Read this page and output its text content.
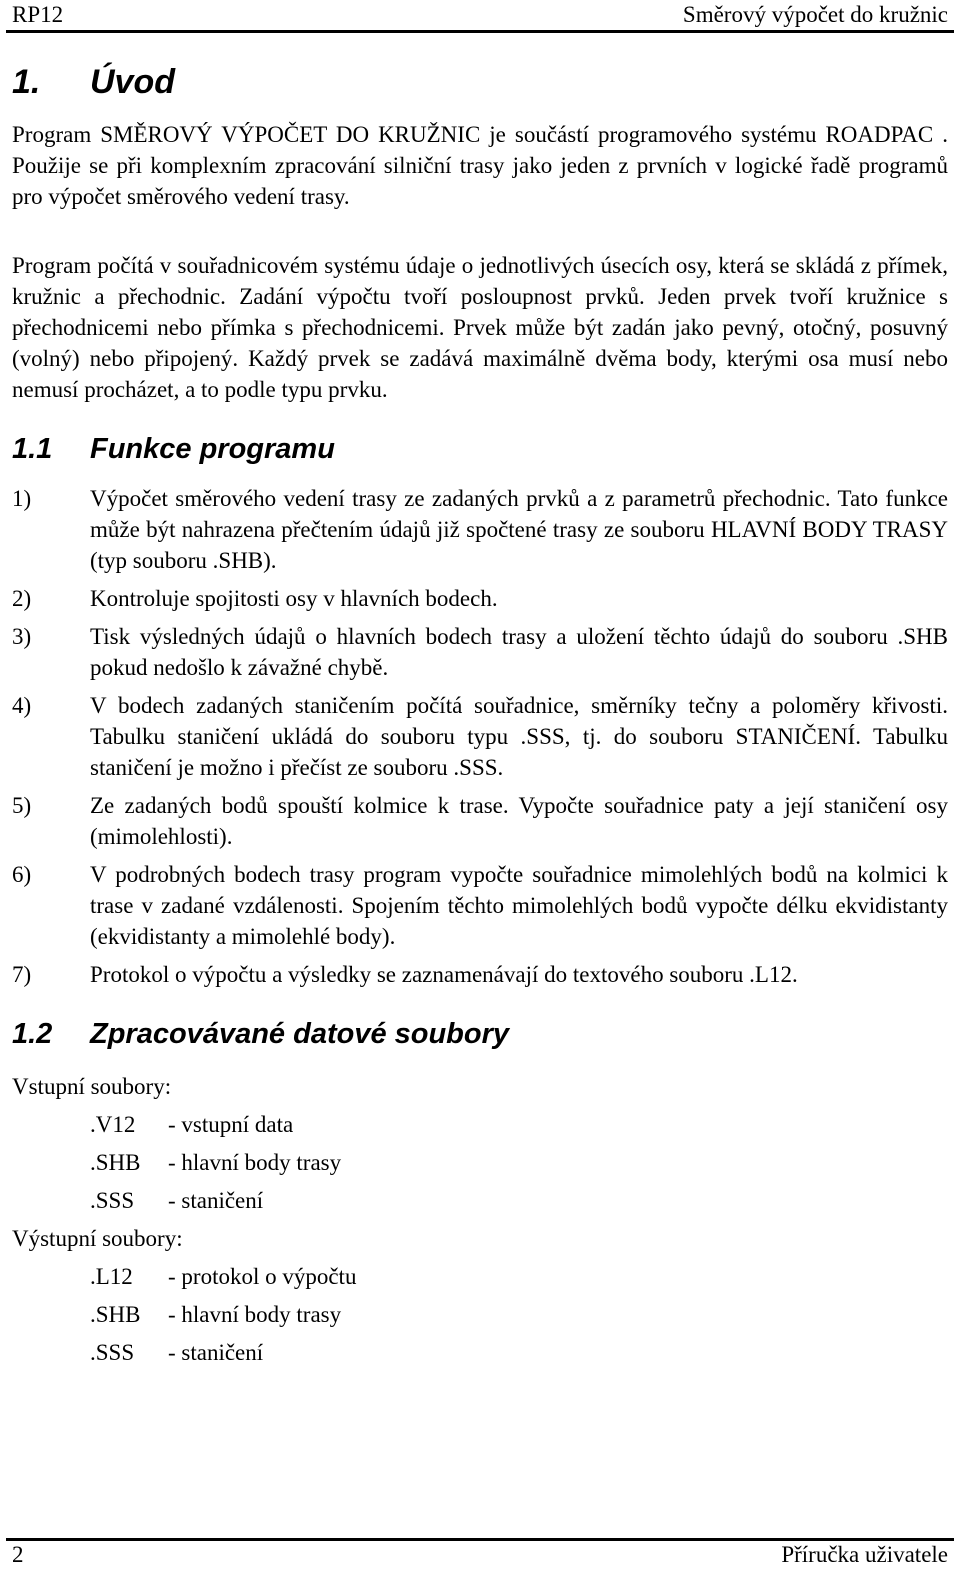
RP12	Směrový výpočet do kružnic
1.	Úvod

Program SMĚROVÝ VÝPOČET DO KRUŽNIC je součástí programového systému ROADPAC . Použije se při komplexním zpracování silniční trasy jako jeden z prvních v logické řadě programů pro výpočet směrového vedení trasy.

Program počítá v souřadnicovém systému údaje o jednotlivých úsecích osy, která se skládá z přímek, kružnic a přechodnic. Zadání výpočtu tvoří posloupnost prvků. Jeden prvek tvoří kružnice s přechodnicemi nebo přímka s přechodnicemi. Prvek může být zadán jako pevný, otočný, posuvný (volný) nebo připojený. Každý prvek se zadává maximálně dvěma body, kterými osa musí nebo nemusí procházet, a to podle typu prvku.

1.1	Funkce programu
1)	Výpočet směrového vedení trasy ze zadaných prvků a z parametrů přechodnic. Tato funkce může být nahrazena přečtením údajů již spočtené trasy ze souboru HLAVNÍ BODY TRASY (typ souboru .SHB).
2)	Kontroluje spojitosti osy v hlavních bodech.
3)	Tisk výsledných údajů o hlavních bodech trasy a uložení těchto údajů do souboru .SHB pokud nedošlo k závažné chybě.
4)	V bodech zadaných staničením počítá souřadnice, směrníky tečny a poloměry křivosti. Tabulku staničení ukládá do souboru typu .SSS, tj. do souboru STANIČENÍ. Tabulku staničení je možno i přečíst ze souboru .SSS.
5)	Ze zadaných bodů spouští kolmice k trase. Vypočte souřadnice paty a její staničení osy (mimolehlosti).
6)	V podrobných bodech trasy program vypočte souřadnice mimolehlých bodů na kolmici k trase v zadané vzdálenosti. Spojením těchto mimolehlých bodů vypočte délku ekvidistanty (ekvidistanty a mimolehlé body).
7)	Protokol o výpočtu a výsledky se zaznamenávají do textového souboru .L12.
1.2	Zpracovávané datové soubory
Vstupní soubory:
.V12	- vstupní data
.SHB	- hlavní body trasy
.SSS	- staničení
Výstupní soubory:
.L12	- protokol o výpočtu
.SHB	- hlavní body trasy
.SSS	- staničení
2	Příručka uživatele
